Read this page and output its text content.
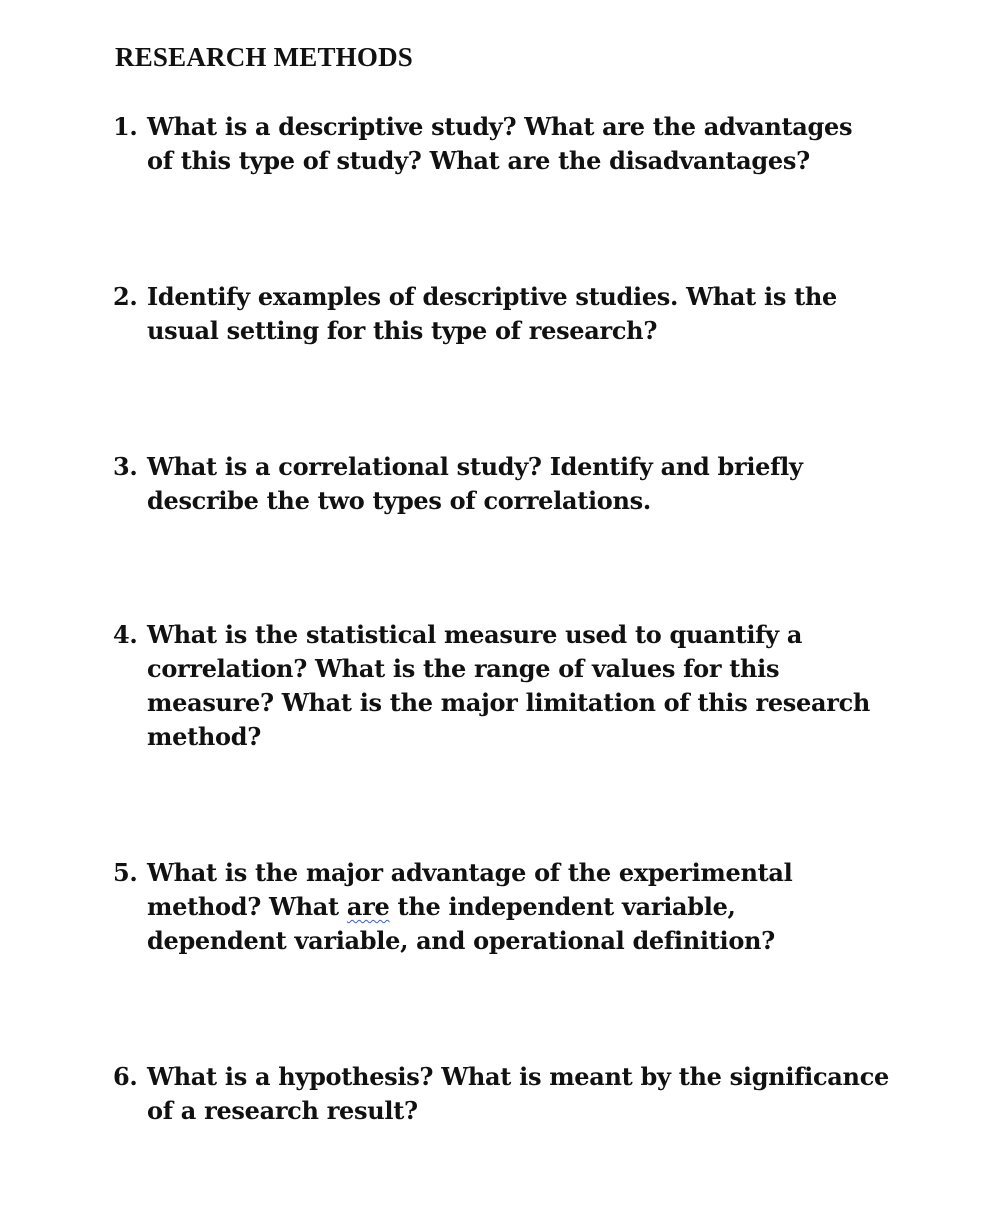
RESEARCH METHODS
1. What is a descriptive study? What are the advantages
of this type of study? What are the disadvantages?
2. Identify examples of descriptive studies. What is the
usual setting for this type of research?
3. What is a correlational study? Identify and briefly
describe the two types of correlations.
4. What is the statistical measure used to quantify a
correlation? What is the range of values for this
measure? What is the major limitation of this research
method?
5. What is the major advantage of the experimental
method? What are the independent variable,
dependent variable, and operational definition?
6. What is a hypothesis? What is meant by the significance
of a research result?
